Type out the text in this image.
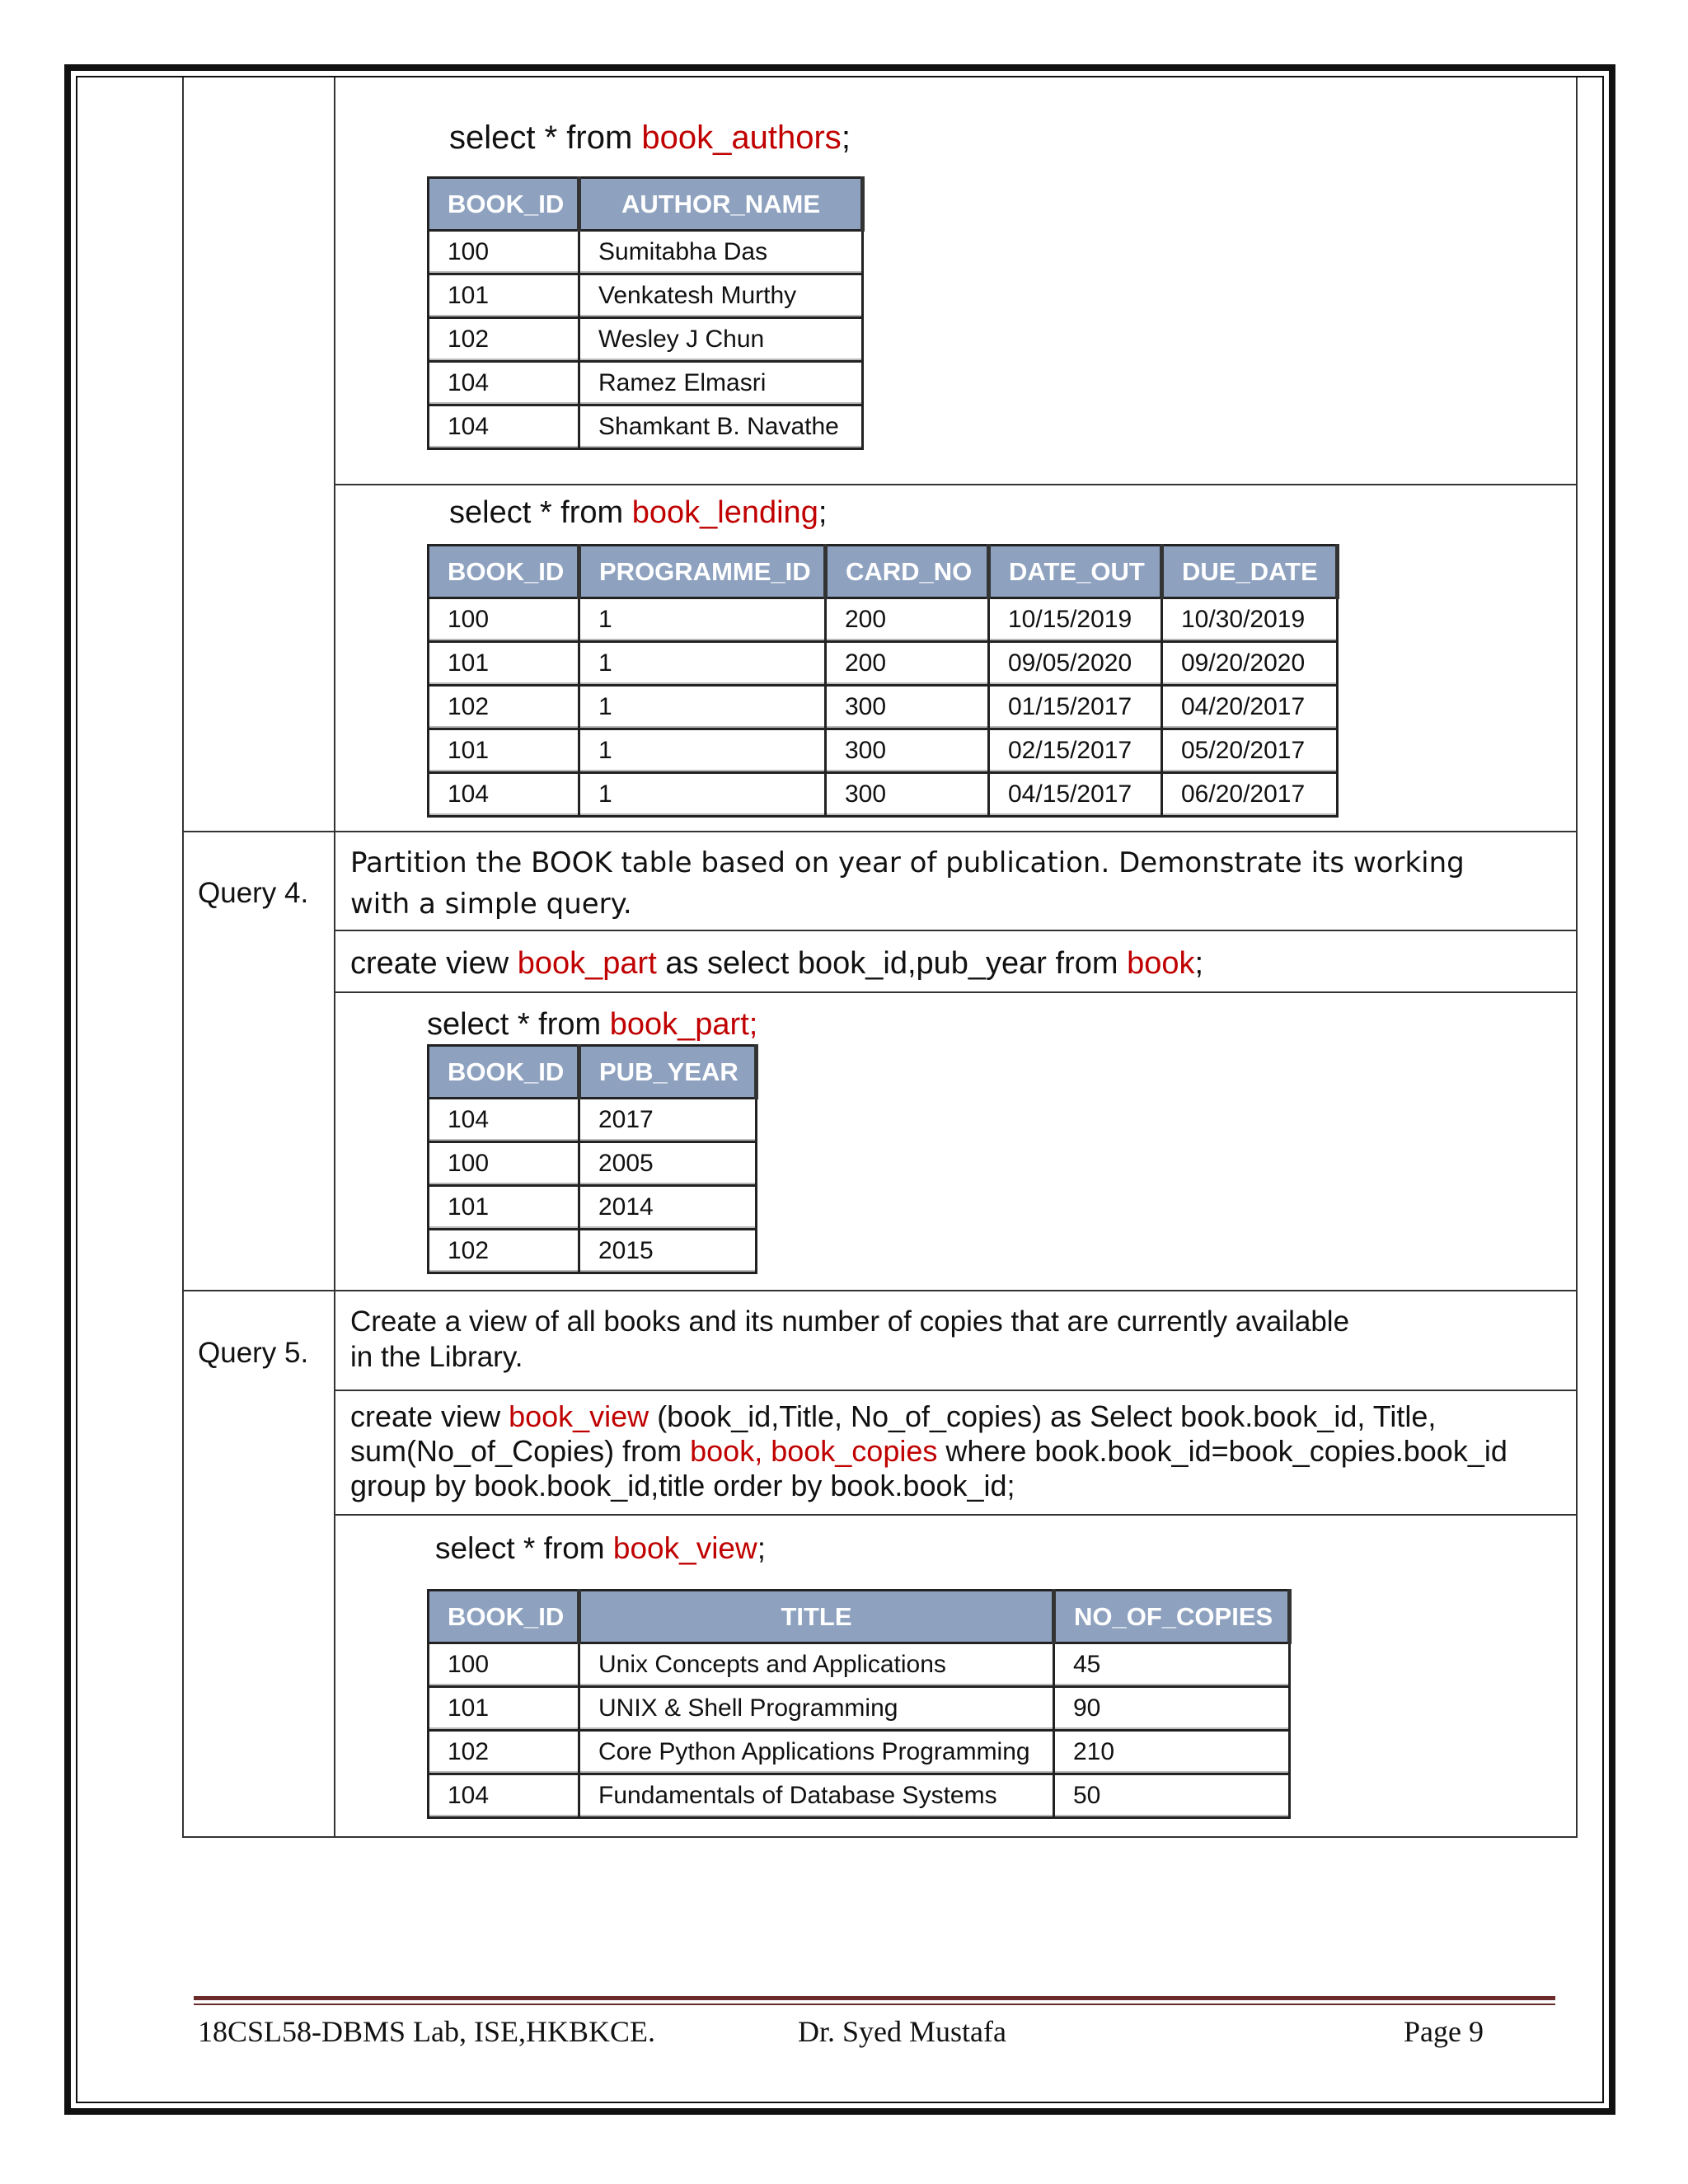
select * from book_authors;
BOOK_ID	AUTHOR_NAME
100	Sumitabha Das
101	Venkatesh Murthy
102	Wesley J Chun
104	Ramez Elmasri
104	Shamkant B. Navathe
select * from book_lending;
BOOK_ID	PROGRAMME_ID	CARD_NO	DATE_OUT	DUE_DATE
100	1	200	10/15/2019	10/30/2019
101	1	200	09/05/2020	09/20/2020
102	1	300	01/15/2017	04/20/2017
101	1	300	02/15/2017	05/20/2017
104	1	300	04/15/2017	06/20/2017
Query 4.
Partition the BOOK table based on year of publication. Demonstrate its working
with a simple query.
create view book_part as select book_id,pub_year from book;
select * from book_part;
BOOK_ID	PUB_YEAR
104	2017
100	2005
101	2014
102	2015
Query 5.
Create a view of all books and its number of copies that are currently available
in the Library.
create view book_view (book_id,Title, No_of_copies) as Select book.book_id, Title,
sum(No_of_Copies) from book, book_copies where book.book_id=book_copies.book_id
group by book.book_id,title order by book.book_id;
select * from book_view;
BOOK_ID	TITLE	NO_OF_COPIES
100	Unix Concepts and Applications	45
101	UNIX & Shell Programming	90
102	Core Python Applications Programming	210
104	Fundamentals of Database Systems	50
18CSL58-DBMS Lab, ISE,HKBKCE.	Dr. Syed Mustafa	Page 9
